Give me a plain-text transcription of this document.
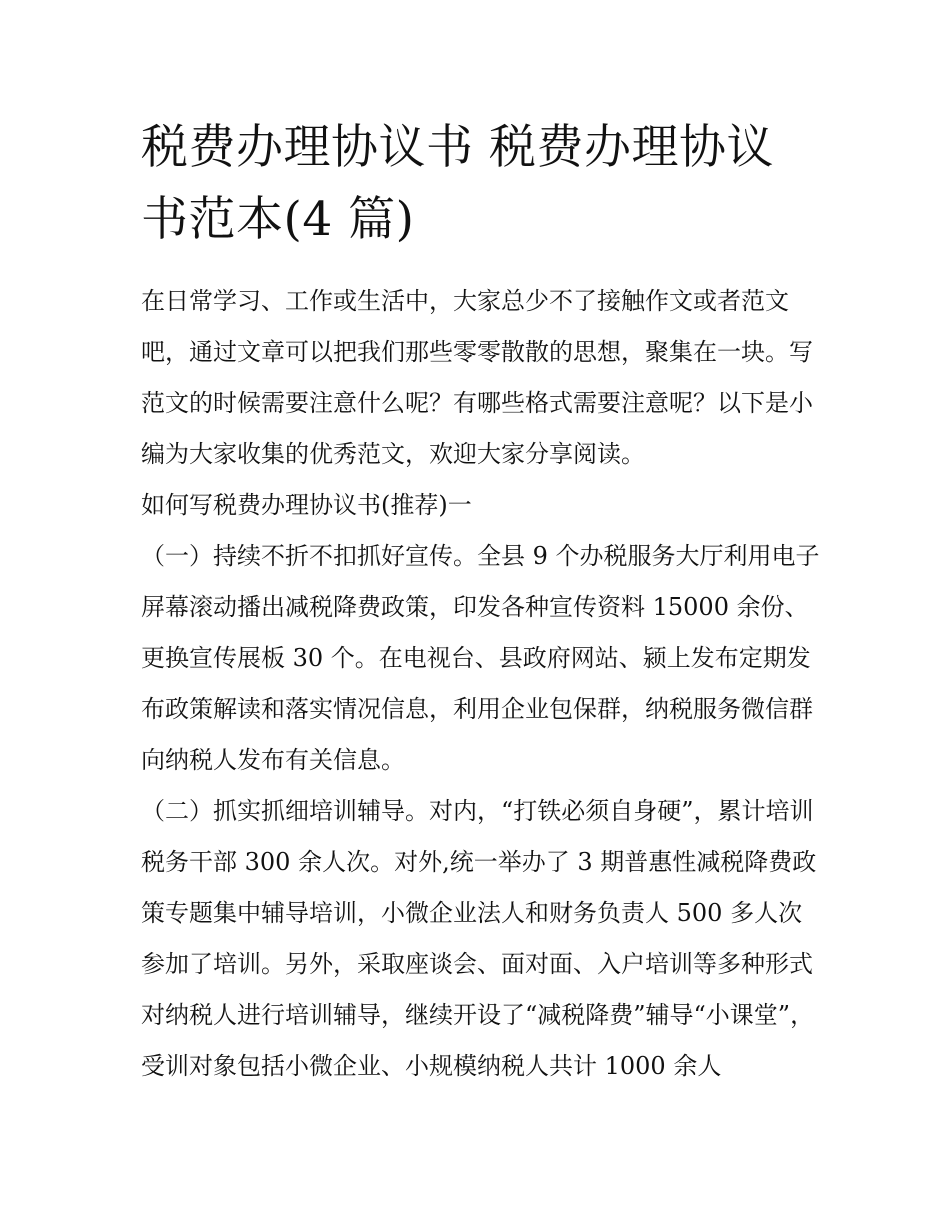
税费办理协议书 税费办理协议书范本(4 篇)

在日常学习、工作或生活中，大家总少不了接触作文或者范文吧，通过文章可以把我们那些零零散散的思想，聚集在一块。写范文的时候需要注意什么呢？有哪些格式需要注意呢？以下是小编为大家收集的优秀范文，欢迎大家分享阅读。

如何写税费办理协议书(推荐)一

（一）持续不折不扣抓好宣传。全县 9 个办税服务大厅利用电子屏幕滚动播出减税降费政策，印发各种宣传资料 15000 余份、更换宣传展板 30 个。在电视台、县政府网站、颍上发布定期发布政策解读和落实情况信息，利用企业包保群，纳税服务微信群向纳税人发布有关信息。

（二）抓实抓细培训辅导。对内，“打铁必须自身硬”，累计培训税务干部 300 余人次。对外,统一举办了 3 期普惠性减税降费政策专题集中辅导培训，小微企业法人和财务负责人 500 多人次参加了培训。另外，采取座谈会、面对面、入户培训等多种形式对纳税人进行培训辅导，继续开设了“减税降费”辅导“小课堂”，受训对象包括小微企业、小规模纳税人共计 1000 余人
